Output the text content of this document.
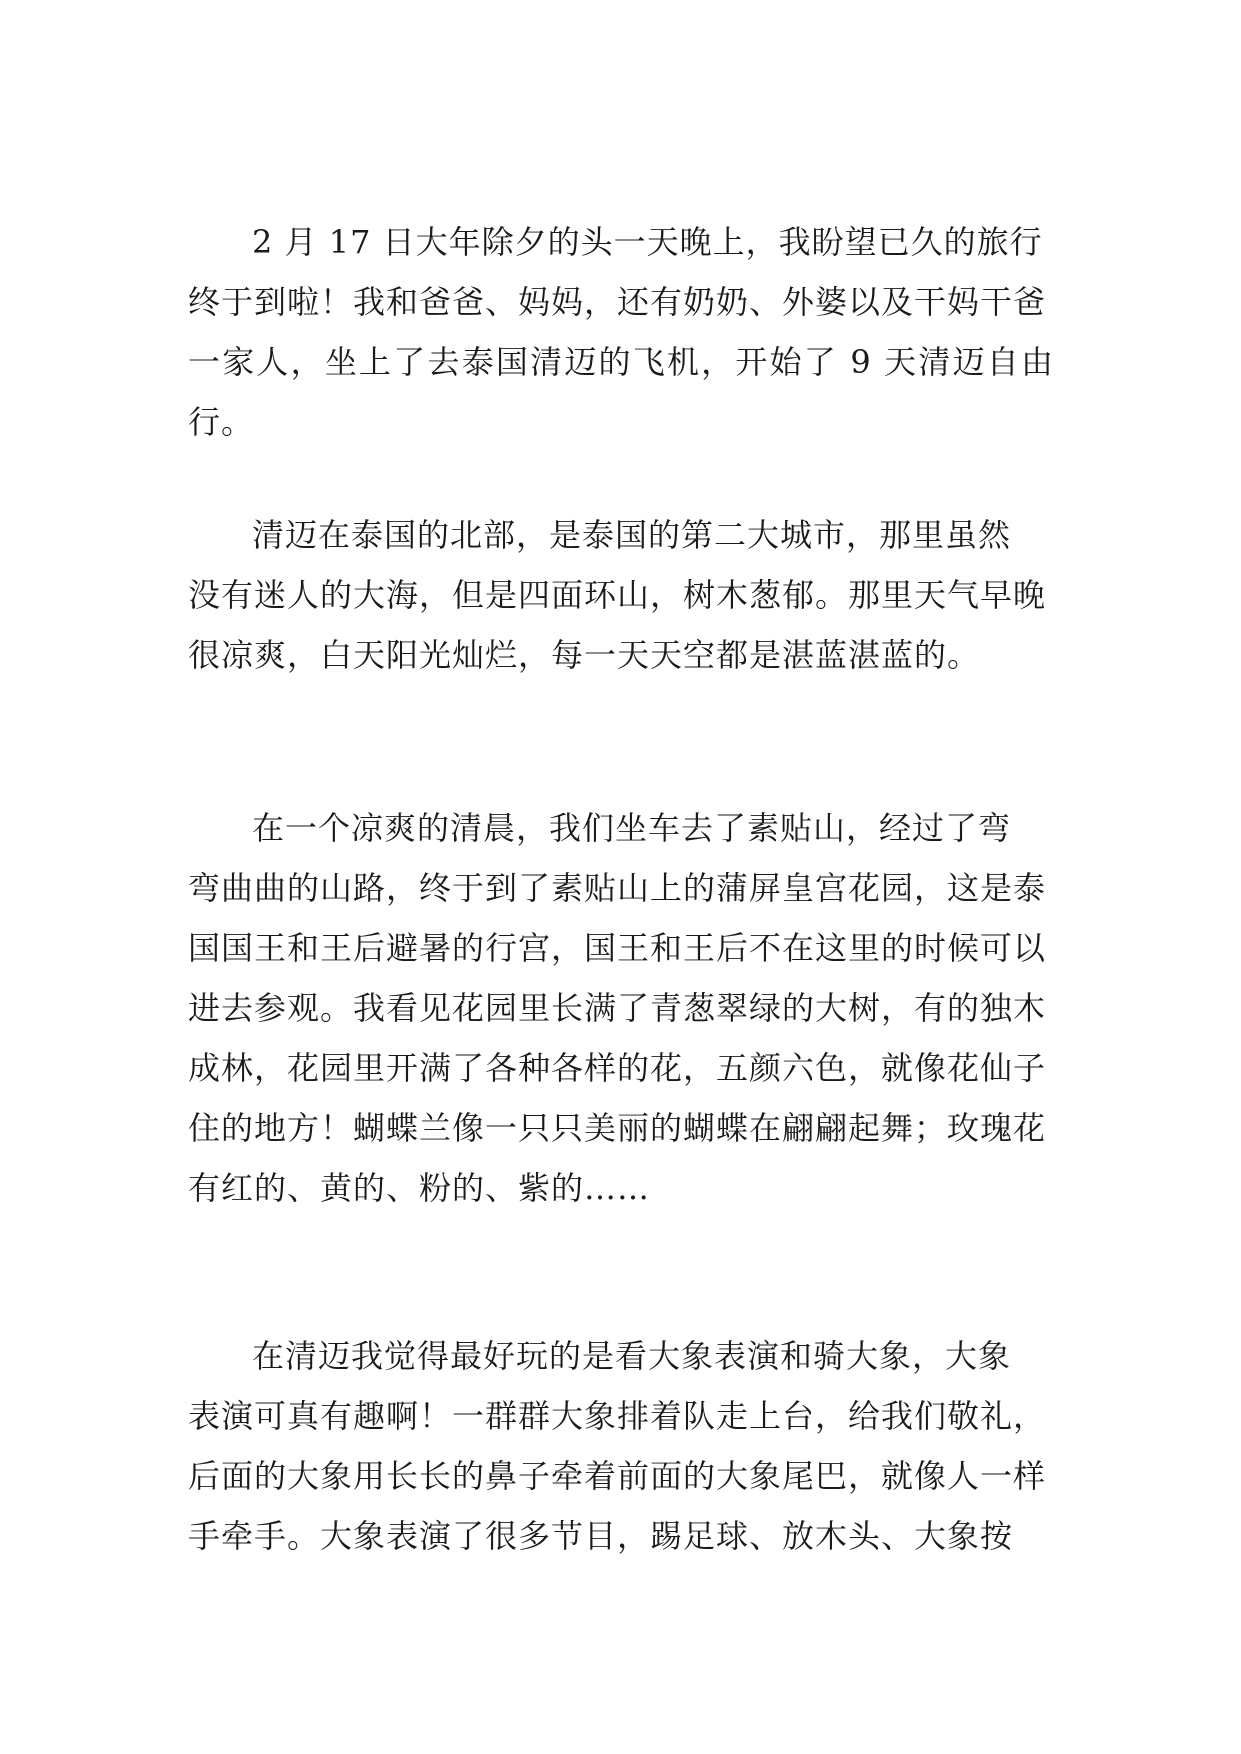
2 月 17 日大年除夕的头一天晚上，我盼望已久的旅行
终于到啦！我和爸爸、妈妈，还有奶奶、外婆以及干妈干爸
一家人，坐上了去泰国清迈的飞机，开始了 9 天清迈自由行。

清迈在泰国的北部，是泰国的第二大城市，那里虽然
没有迷人的大海，但是四面环山，树木葱郁。那里天气早晚
很凉爽，白天阳光灿烂，每一天天空都是湛蓝湛蓝的。

在一个凉爽的清晨，我们坐车去了素贴山，经过了弯
弯曲曲的山路，终于到了素贴山上的蒲屏皇宫花园，这是泰
国国王和王后避暑的行宫，国王和王后不在这里的时候可以
进去参观。我看见花园里长满了青葱翠绿的大树，有的独木
成林，花园里开满了各种各样的花，五颜六色，就像花仙子
住的地方！蝴蝶兰像一只只美丽的蝴蝶在翩翩起舞；玫瑰花
有红的、黄的、粉的、紫的……

在清迈我觉得最好玩的是看大象表演和骑大象，大象
表演可真有趣啊！一群群大象排着队走上台，给我们敬礼，
后面的大象用长长的鼻子牵着前面的大象尾巴，就像人一样
手牵手。大象表演了很多节目，踢足球、放木头、大象按
